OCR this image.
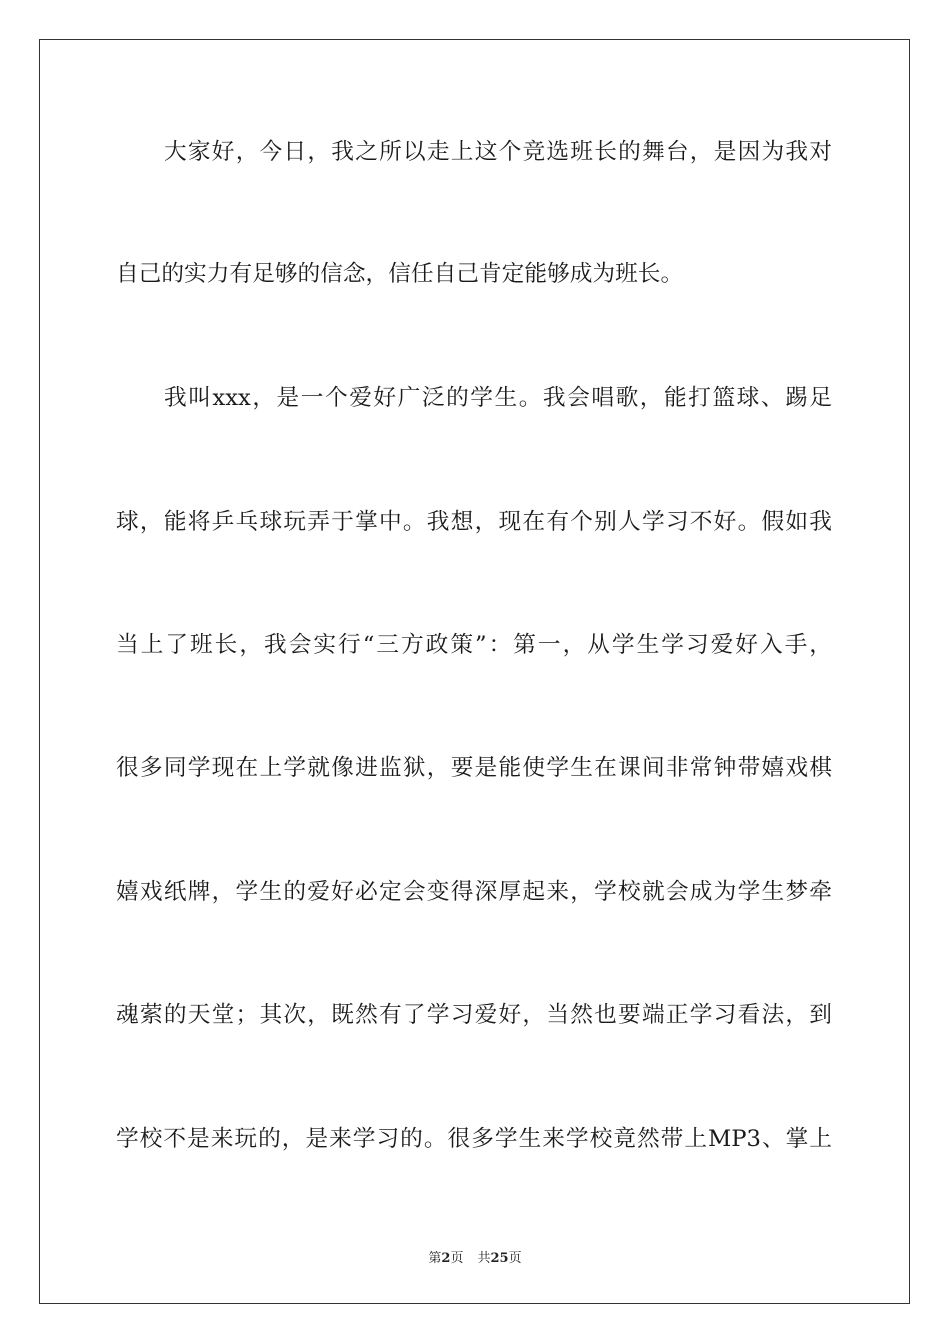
大家好，今日，我之所以走上这个竞选班长的舞台，是因为我对
自己的实力有足够的信念，信任自己肯定能够成为班长。
我叫xxx，是一个爱好广泛的学生。我会唱歌，能打篮球、踢足
球，能将乒乓球玩弄于掌中。我想，现在有个别人学习不好。假如我
当上了班长，我会实行“三方政策”：第一，从学生学习爱好入手，
很多同学现在上学就像进监狱，要是能使学生在课间非常钟带嬉戏棋
嬉戏纸牌，学生的爱好必定会变得深厚起来，学校就会成为学生梦牵
魂萦的天堂；其次，既然有了学习爱好，当然也要端正学习看法，到
学校不是来玩的，是来学习的。很多学生来学校竟然带上MP3、掌上
第2页 共25页
